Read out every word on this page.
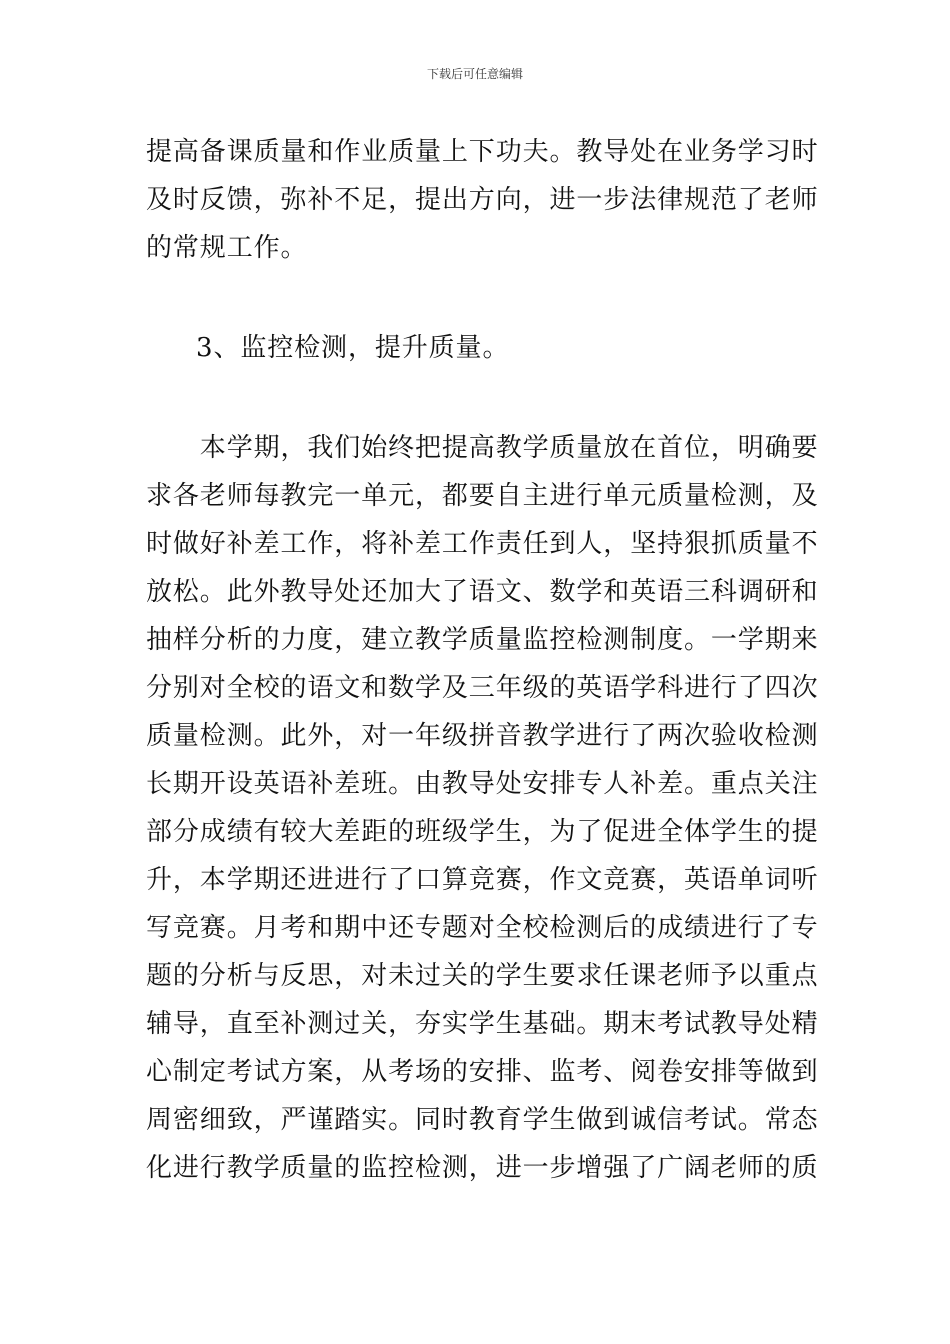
下载后可任意编辑
提高备课质量和作业质量上下功夫。教导处在业务学习时
及时反馈，弥补不足，提出方向，进一步法律规范了老师
的常规工作。
3、监控检测，提升质量。
　　本学期，我们始终把提高教学质量放在首位，明确要
求各老师每教完一单元，都要自主进行单元质量检测，及
时做好补差工作，将补差工作责任到人，坚持狠抓质量不
放松。此外教导处还加大了语文、数学和英语三科调研和
抽样分析的力度，建立教学质量监控检测制度。一学期来
分别对全校的语文和数学及三年级的英语学科进行了四次
质量检测。此外，对一年级拼音教学进行了两次验收检测
长期开设英语补差班。由教导处安排专人补差。重点关注
部分成绩有较大差距的班级学生，为了促进全体学生的提
升，本学期还进进行了口算竞赛，作文竞赛，英语单词听
写竞赛。月考和期中还专题对全校检测后的成绩进行了专
题的分析与反思，对未过关的学生要求任课老师予以重点
辅导，直至补测过关，夯实学生基础。期末考试教导处精
心制定考试方案，从考场的安排、监考、阅卷安排等做到
周密细致，严谨踏实。同时教育学生做到诚信考试。常态
化进行教学质量的监控检测，进一步增强了广阔老师的质
